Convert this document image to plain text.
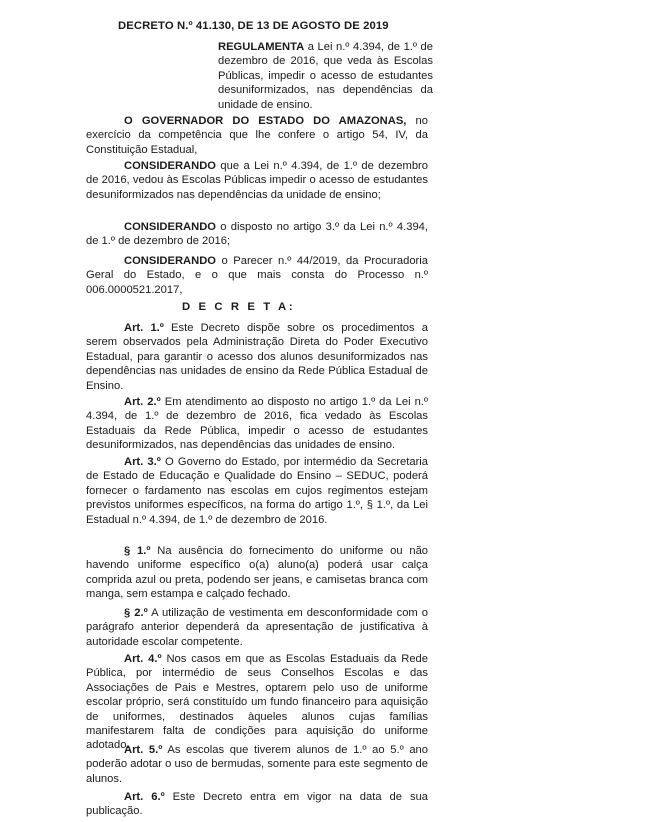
DECRETO N.º 41.130, DE 13 DE AGOSTO DE 2019
REGULAMENTA a Lei n.º 4.394, de 1.º de dezembro de 2016, que veda às Escolas Públicas, impedir o acesso de estudantes desuniformizados, nas dependências da unidade de ensino.
O GOVERNADOR DO ESTADO DO AMAZONAS, no exercício da competência que lhe confere o artigo 54, IV, da Constituição Estadual,
CONSIDERANDO que a Lei n.º 4.394, de 1.º de dezembro de 2016, vedou às Escolas Públicas impedir o acesso de estudantes desuniformizados nas dependências da unidade de ensino;
CONSIDERANDO o disposto no artigo 3.º da Lei n.º 4.394, de 1.º de dezembro de 2016;
CONSIDERANDO o Parecer n.º 44/2019, da Procuradoria Geral do Estado, e o que mais consta do Processo n.º 006.0000521.2017,
D E C R E T A:
Art. 1.º Este Decreto dispõe sobre os procedimentos a serem observados pela Administração Direta do Poder Executivo Estadual, para garantir o acesso dos alunos desuniformizados nas dependências nas unidades de ensino da Rede Pública Estadual de Ensino.
Art. 2.º Em atendimento ao disposto no artigo 1.º da Lei n.º 4.394, de 1.º de dezembro de 2016, fica vedado às Escolas Estaduais da Rede Pública, impedir o acesso de estudantes desuniformizados, nas dependências das unidades de ensino.
Art. 3.º O Governo do Estado, por intermédio da Secretaria de Estado de Educação e Qualidade do Ensino – SEDUC, poderá fornecer o fardamento nas escolas em cujos regimentos estejam previstos uniformes específicos, na forma do artigo 1.º, § 1.º, da Lei Estadual n.º 4.394, de 1.º de dezembro de 2016.
§ 1.º Na ausência do fornecimento do uniforme ou não havendo uniforme específico o(a) aluno(a) poderá usar calça comprida azul ou preta, podendo ser jeans, e camisetas branca com manga, sem estampa e calçado fechado.
§ 2.º A utilização de vestimenta em desconformidade com o parágrafo anterior dependerá da apresentação de justificativa à autoridade escolar competente.
Art. 4.º Nos casos em que as Escolas Estaduais da Rede Pública, por intermédio de seus Conselhos Escolas e das Associações de Pais e Mestres, optarem pelo uso de uniforme escolar próprio, será constituído um fundo financeiro para aquisição de uniformes, destinados àqueles alunos cujas famílias manifestarem falta de condições para aquisição do uniforme adotado.
Art. 5.º As escolas que tiverem alunos de 1.º ao 5.º ano poderão adotar o uso de bermudas, somente para este segmento de alunos.
Art. 6.º Este Decreto entra em vigor na data de sua publicação.
